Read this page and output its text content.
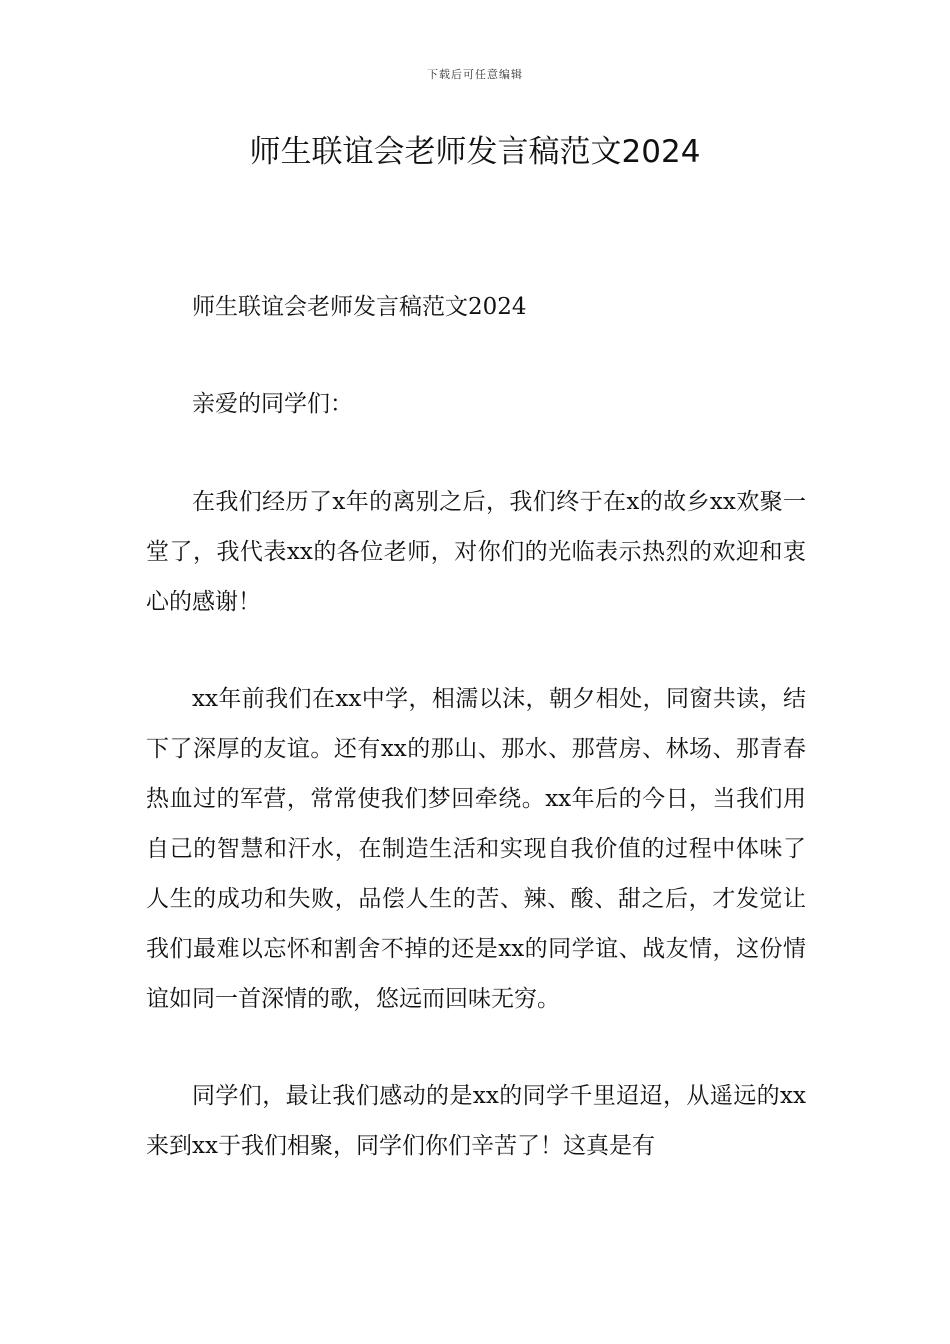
下载后可任意编辑
师生联谊会老师发言稿范文2024

师生联谊会老师发言稿范文2024

亲爱的同学们：

在我们经历了x年的离别之后，我们终于在x的故乡xx欢聚一堂了，我代表xx的各位老师，对你们的光临表示热烈的欢迎和衷心的感谢！

xx年前我们在xx中学，相濡以沫，朝夕相处，同窗共读，结下了深厚的友谊。还有xx的那山、那水、那营房、林场、那青春热血过的军营，常常使我们梦回牵绕。xx年后的今日，当我们用自己的智慧和汗水，在制造生活和实现自我价值的过程中体味了人生的成功和失败，品偿人生的苦、辣、酸、甜之后，才发觉让我们最难以忘怀和割舍不掉的还是xx的同学谊、战友情，这份情谊如同一首深情的歌，悠远而回味无穷。

同学们，最让我们感动的是xx的同学千里迢迢，从遥远的xx来到xx于我们相聚，同学们你们辛苦了！这真是有
